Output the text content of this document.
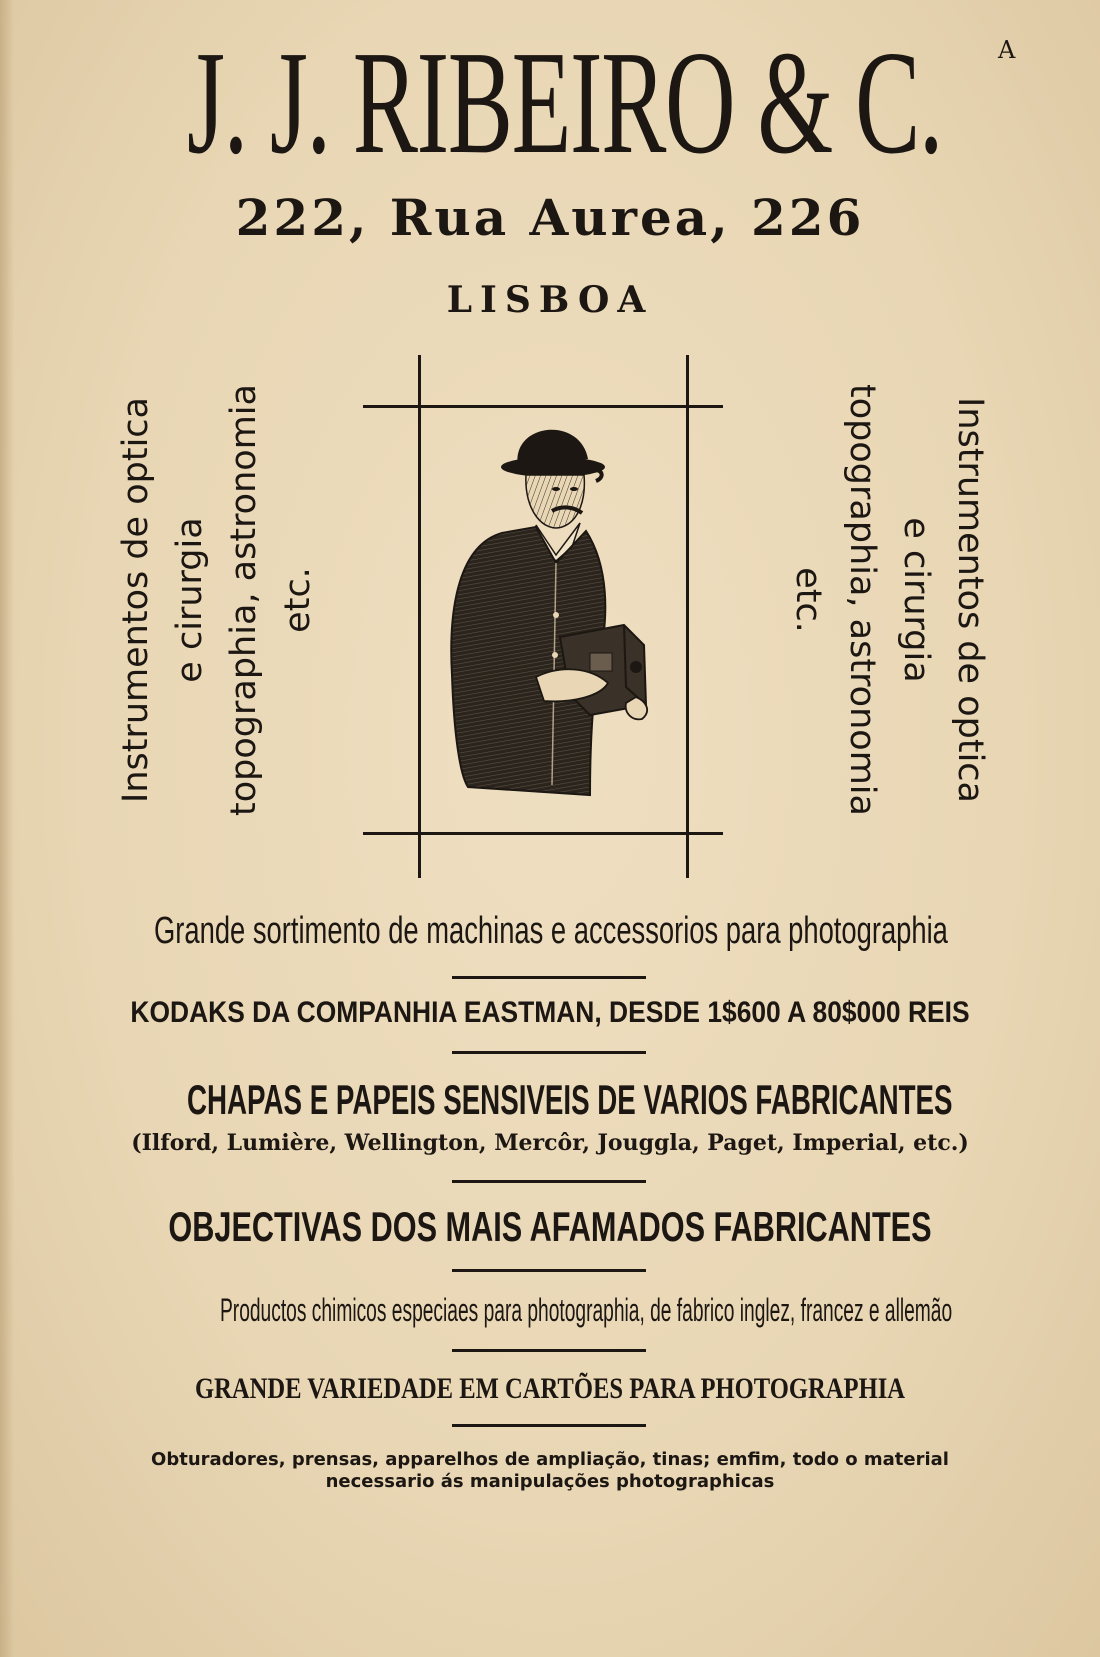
J. J. RIBEIRO & C. A
222, Rua Aurea, 226
LISBOA
Instrumentos de optica e cirurgia topographia, astronomia etc.	Instrumentos de optica
e cirurgia
topographia, astronomia
etc.
Grande sortimento de machinas e accessorios para photographia
KODAKS DA COMPANHIA EASTMAN, DESDE 1$600 A 80$000 REIS
CHAPAS E PAPEIS SENSIVEIS DE VARIOS FABRICANTES
(Ilford, Lumière, Wellington, Mercôr, Jouggla, Paget, Imperial, etc.)
OBJECTIVAS DOS MAIS AFAMADOS FABRICANTES
Productos chimicos especiaes para photographia, de fabrico inglez, francez e allemão
GRANDE VARIEDADE EM CARTÕES PARA PHOTOGRAPHIA
Obturadores, prensas, apparelhos de ampliação, tinas; emfim, todo o material
necessario ás manipulações photographicas
